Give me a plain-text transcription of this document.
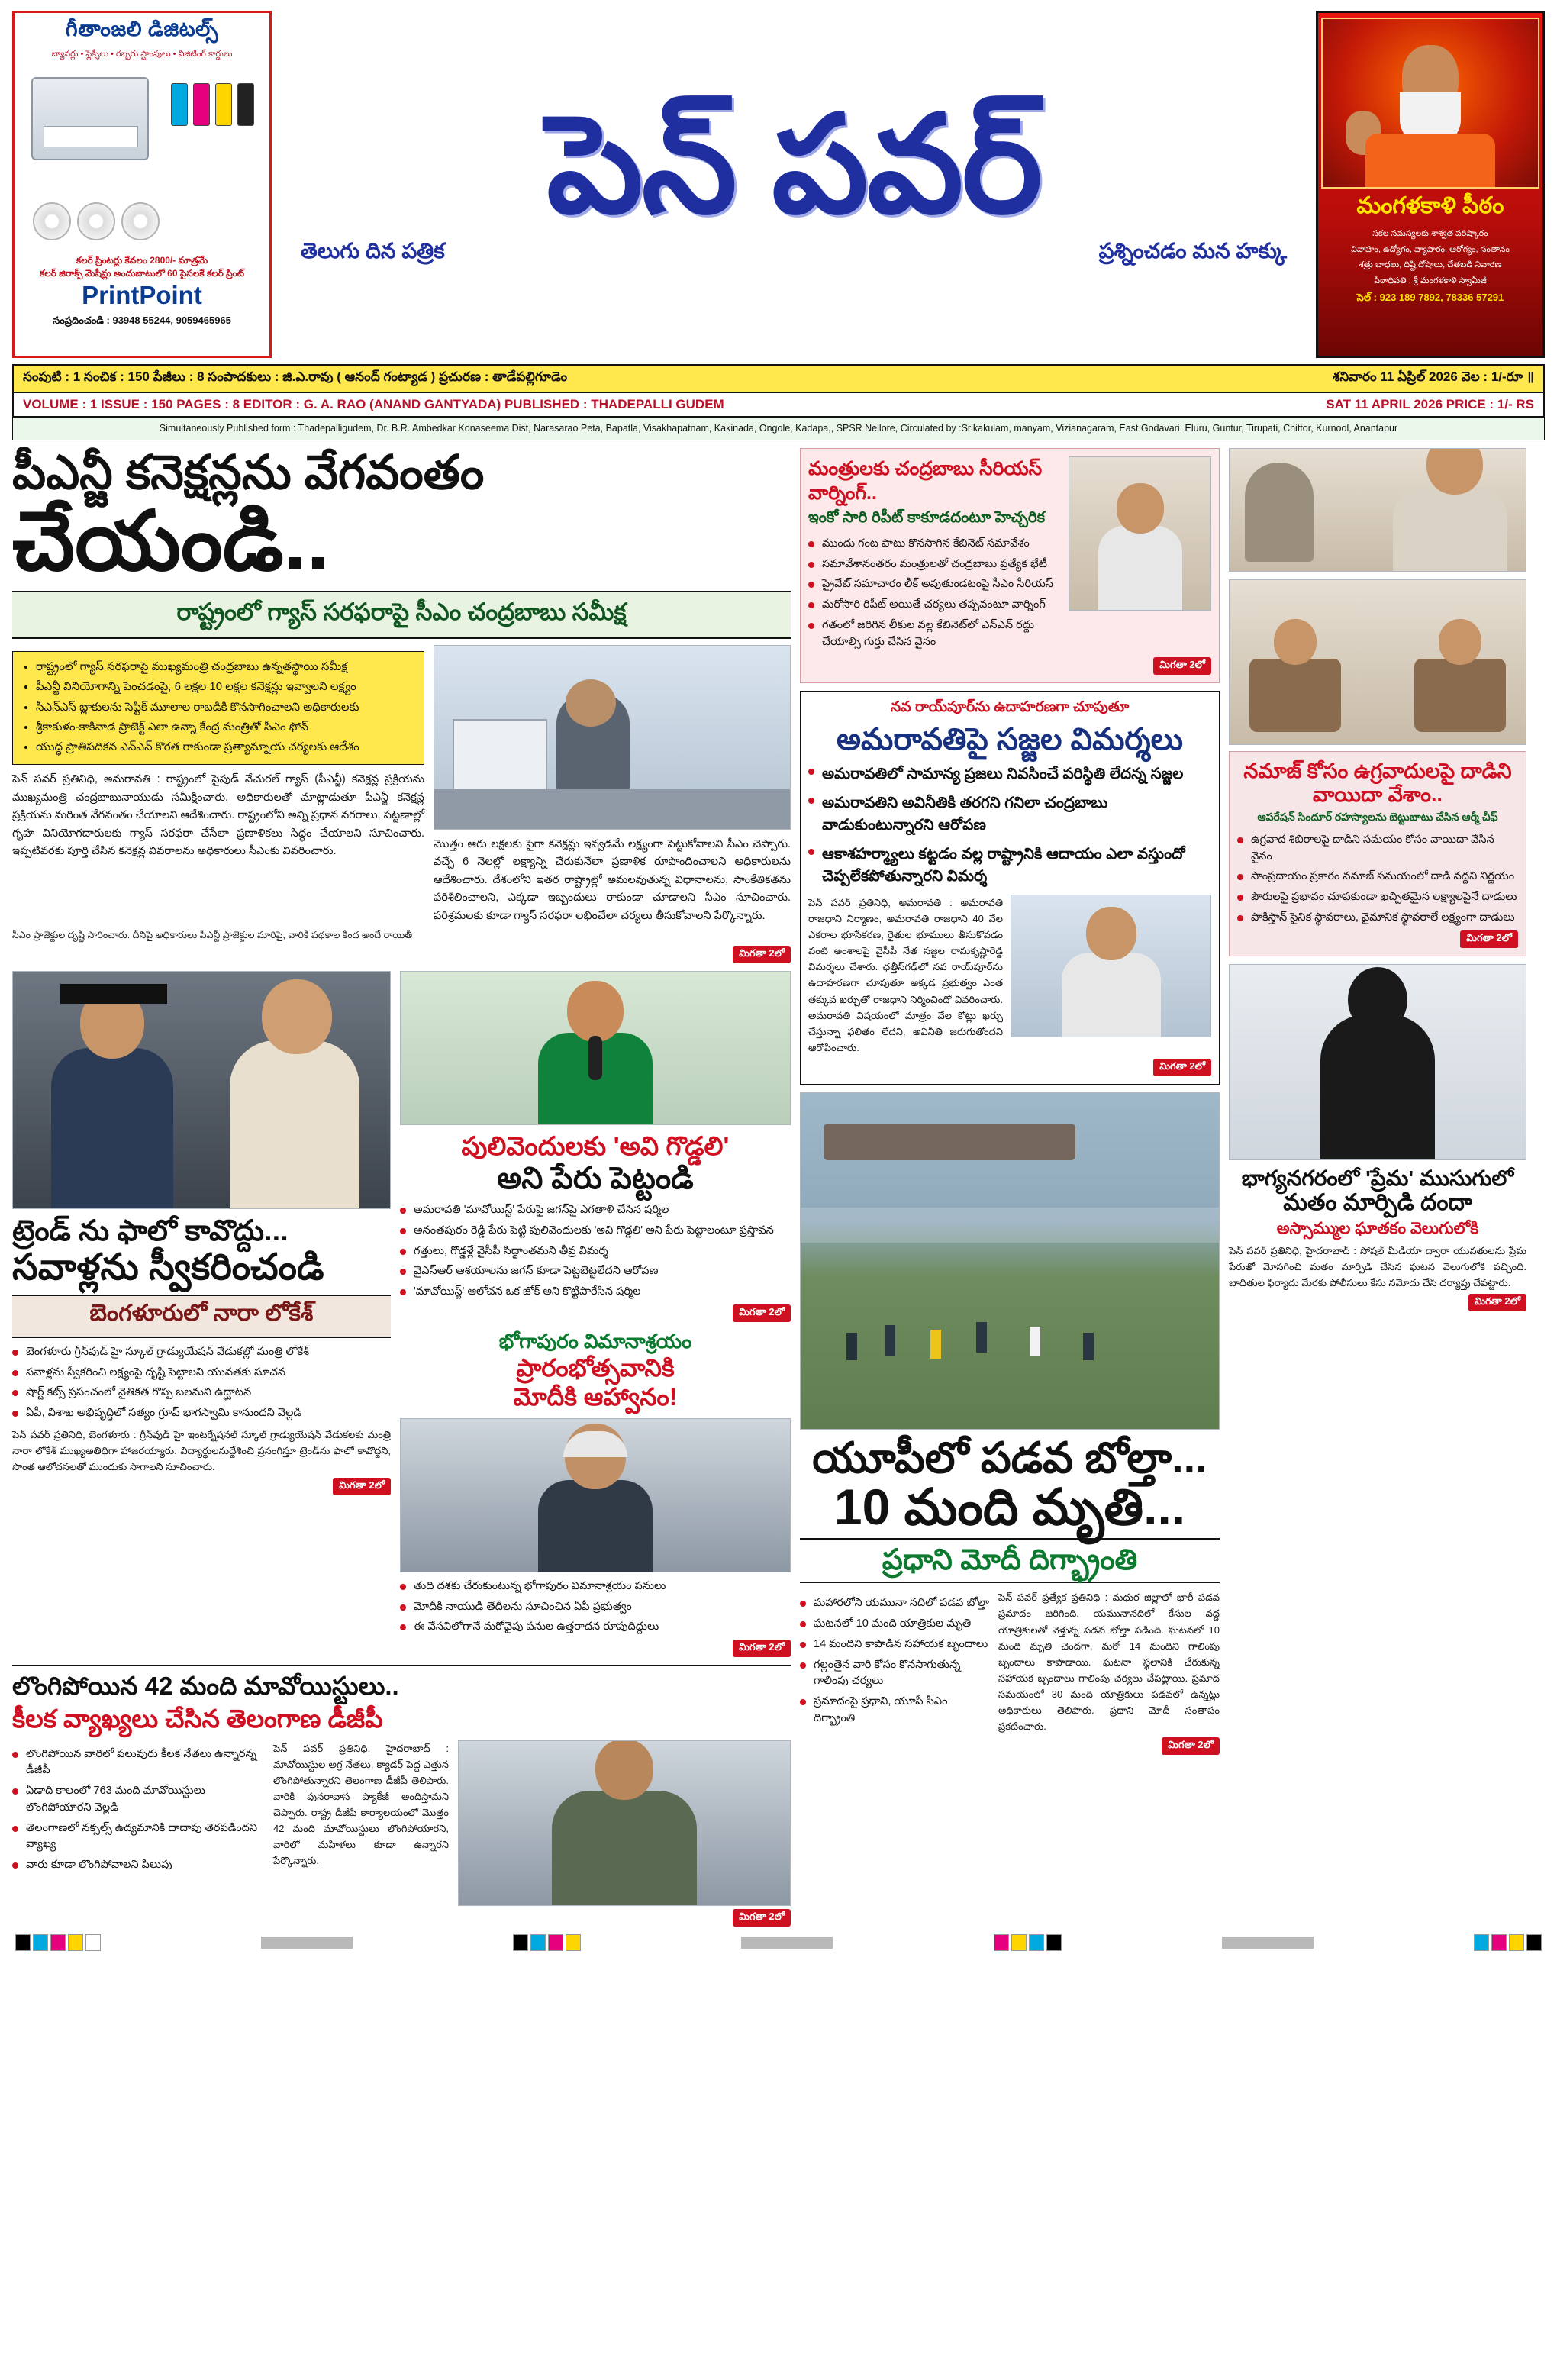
గీతాంజలి డిజిటల్స్
బ్యానర్లు • ఫ్లెక్సీలు • రబ్బరు స్టాంపులు • విజిటింగ్ కార్డులు
కలర్ ప్రింటర్లు కేవలం 2800/- మాత్రమే
కలర్ జిరాక్స్ మెషీన్లు అందుబాటులో 60 పైసలకే కలర్ ప్రింట్
PrintPoint
సంప్రదించండి : 93948 55244, 9059465965
పెన్ పవర్
తెలుగు దిన పత్రిక	ప్రశ్నించడం మన హక్కు
మంగళకాళి పీఠం
సకల సమస్యలకు శాశ్వత పరిష్కారం
వివాహం, ఉద్యోగం, వ్యాపారం, ఆరోగ్యం, సంతానం
శత్రు బాధలు, దిష్టి దోషాలు, చేతబడి నివారణ
పీఠాధిపతి : శ్రీ మంగళకాళి స్వామీజీ
సెల్ : 923 189 7892, 78336 57291
సంపుటి : 1 సంచిక : 150 పేజీలు : 8 సంపాదకులు : జి.ఎ.రావు ( ఆనంద్ గంట్యాడ ) ప్రచురణ : తాడేపల్లిగూడెం	శనివారం 11 ఏప్రిల్ 2026 వెల : 1/-రూ ॥
VOLUME : 1 ISSUE : 150 PAGES : 8 EDITOR : G. A. RAO (ANAND GANTYADA) PUBLISHED : THADEPALLI GUDEM	SAT 11 APRIL 2026 PRICE : 1/- RS
Simultaneously Published form : Thadepalligudem, Dr. B.R. Ambedkar Konaseema Dist, Narasarao Peta, Bapatla, Visakhapatnam, Kakinada, Ongole, Kadapa,, SPSR Nellore, Circulated by :Srikakulam, manyam, Vizianagaram, East Godavari, Eluru, Guntur, Tirupati, Chittor, Kurnool, Anantapur
పీఎన్జీ కనెక్షన్లను వేగవంతం
చేయండి..
రాష్ట్రంలో గ్యాస్ సరఫరాపై సీఎం చంద్రబాబు సమీక్ష
• రాష్ట్రంలో గ్యాస్ సరఫరాపై ముఖ్యమంత్రి చంద్రబాబు ఉన్నతస్థాయి సమీక్ష
• పీఎన్జీ వినియోగాన్ని పెంచడంపై, 6 లక్షల 10 లక్షల కనెక్షన్లు ఇవ్వాలని లక్ష్యం
• సీఎన్ఎస్ బ్లాకులను సెప్టిక్ మూలాల రాబడికి కొనసాగించాలని అధికారులకు
• శ్రీకాకుళం-కాకినాడ ప్రాజెక్ట్ ఎలా ఉన్నా కేంద్ర మంత్రితో సీఎం ఫోన్
• యుద్ధ ప్రాతిపదికన ఎన్ఎన్ కొరత రాకుండా ప్రత్యామ్నాయ చర్యలకు ఆదేశం
పెన్ పవర్ ప్రతినిధి, అమరావతి : రాష్ట్రంలో పైపుడ్ నేచురల్ గ్యాస్ (పీఎన్జీ) కనెక్షన్ల ప్రక్రియను ముఖ్యమంత్రి చంద్రబాబునాయుడు సమీక్షించారు. అధికారులతో మాట్లాడుతూ పీఎన్జీ కనెక్షన్ల ప్రక్రియను మరింత వేగవంతం చేయాలని ఆదేశించారు. రాష్ట్రంలోని అన్ని ప్రధాన నగరాలు, పట్టణాల్లో గృహ వినియోగదారులకు గ్యాస్ సరఫరా చేసేలా ప్రణాళికలు సిద్ధం చేయాలని సూచించారు. ఇప్పటివరకు పూర్తి చేసిన కనెక్షన్ల వివరాలను అధికారులు సీఎంకు వివరించారు.
మొత్తం ఆరు లక్షలకు పైగా కనెక్షన్లు ఇవ్వడమే లక్ష్యంగా పెట్టుకోవాలని సీఎం చెప్పారు. వచ్చే 6 నెలల్లో లక్ష్యాన్ని చేరుకునేలా ప్రణాళిక రూపొందించాలని అధికారులను ఆదేశించారు. దేశంలోని ఇతర రాష్ట్రాల్లో అమలవుతున్న విధానాలను, సాంకేతికతను పరిశీలించాలని, ఎక్కడా ఇబ్బందులు రాకుండా చూడాలని సీఎం సూచించారు. పరిశ్రమలకు కూడా గ్యాస్ సరఫరా లభించేలా చర్యలు తీసుకోవాలని పేర్కొన్నారు.
సీఎం ప్రాజెక్టుల దృష్టి సారించారు. దీనిపై అధికారులు పీఎన్జీ ప్రాజెక్టుల మారిపై, వారికి పథకాల కింద అందే రాయితీ
మిగతా 2లో
ట్రెండ్ ను ఫాలో కావొద్దు...
సవాళ్లను స్వీకరించండి
బెంగళూరులో నారా లోకేశ్
బెంగళూరు గ్రీన్‌వుడ్ హై స్కూల్ గ్రాడ్యుయేషన్ వేడుకల్లో మంత్రి లోకేశ్
సవాళ్లను స్వీకరించి లక్ష్యంపై దృష్టి పెట్టాలని యువతకు సూచన
షార్ట్ కట్స్ ప్రపంచంలో నైతికత గొప్ప బలమని ఉద్ఘాటన
ఏపీ, విశాఖ అభివృద్ధిలో సత్యం గ్రూప్ భాగస్వామి కానుందని వెల్లడి
పెన్ పవర్ ప్రతినిధి, బెంగళూరు : గ్రీన్‌వుడ్ హై ఇంటర్నేషనల్ స్కూల్ గ్రాడ్యుయేషన్ వేడుకలకు మంత్రి నారా లోకేశ్ ముఖ్యఅతిథిగా హాజరయ్యారు. విద్యార్థులనుద్దేశించి ప్రసంగిస్తూ ట్రెండ్‌ను ఫాలో కావొద్దని, సొంత ఆలోచనలతో ముందుకు సాగాలని సూచించారు.
మిగతా 2లో
పులివెందులకు 'అవి గొడ్డలి'
అని పేరు పెట్టండి
అమరావతి 'మావోయిస్ట్' పేరుపై జగన్‌పై ఎగతాళి చేసిన షర్మిల
అనంతపురం రెడ్డి పేరు పెట్టి పులివెందులకు 'అవి గొడ్డలి' అని పేరు పెట్టాలంటూ ప్రస్తావన
గత్తులు, గొడ్డళ్లే వైసీపీ సిద్ధాంతమని తీవ్ర విమర్శ
వైఎస్ఆర్ ఆశయాలను జగన్ కూడా పెట్టబెట్టలేదని ఆరోపణ
'మావోయిస్ట్' ఆలోచన ఒక జోక్ అని కొట్టిపారేసిన షర్మిల
మిగతా 2లో
భోగాపురం విమానాశ్రయం
ప్రారంభోత్సవానికి
మోదీకి ఆహ్వానం!
తుది దశకు చేరుకుంటున్న భోగాపురం విమానాశ్రయం పనులు
మోదీకి నాయుడి తేదీలను సూచించిన ఏపీ ప్రభుత్వం
ఈ వేసవిలోగానే మరోవైపు పనుల ఉత్తరాదన రూపుదిద్దులు
మిగతా 2లో
లొంగిపోయిన 42 మంది మావోయిస్టులు..
కీలక వ్యాఖ్యలు చేసిన తెలంగాణ డీజీపీ
లొంగిపోయిన వారిలో పలువురు కీలక నేతలు ఉన్నారన్న డీజీపీ
ఏడాది కాలంలో 763 మంది మావోయిస్టులు లొంగిపోయారని వెల్లడి
తెలంగాణలో నక్సల్స్ ఉద్యమానికి దాదాపు తెరపడిందని వ్యాఖ్య
వారు కూడా లొంగిపోవాలని పిలుపు
పెన్ పవర్ ప్రతినిధి, హైదరాబాద్ : మావోయిస్టుల అగ్ర నేతలు, క్యాడర్ పెద్ద ఎత్తున లొంగిపోతున్నారని తెలంగాణ డీజీపీ తెలిపారు. వారికి పునరావాస ప్యాకేజీ అందిస్తామని చెప్పారు. రాష్ట్ర డీజీపీ కార్యాలయంలో మొత్తం 42 మంది మావోయిస్టులు లొంగిపోయారని, వారిలో మహిళలు కూడా ఉన్నారని పేర్కొన్నారు.
మిగతా 2లో
మంత్రులకు చంద్రబాబు సీరియస్ వార్నింగ్..
ఇంకో సారి రిపీట్ కాకూడదంటూ హెచ్చరిక
ముందు గంట పాటు కొనసాగిన కేబినెట్ సమావేశం
సమావేశానంతరం మంత్రులతో చంద్రబాబు ప్రత్యేక భేటీ
ప్రైవేట్ సమాచారం లీక్ అవుతుండటంపై సీఎం సీరియస్
మరోసారి రిపీట్ అయితే చర్యలు తప్పవంటూ వార్నింగ్
గతంలో జరిగిన లీకుల వల్ల కేబినెట్‌లో ఎన్ఎన్ రద్దు చేయాల్సి గుర్తు చేసిన వైనం
మిగతా 2లో
నవ రాయ్‌పూర్‌ను ఉదాహరణగా చూపుతూ
అమరావతిపై సజ్జల విమర్శలు
అమరావతిలో సామాన్య ప్రజలు నివసించే పరిస్థితి లేదన్న సజ్జల
అమరావతిని అవినీతికి తరగని గనిలా చంద్రబాబు వాడుకుంటున్నారని ఆరోపణ
ఆకాశహర్మ్యాలు కట్టడం వల్ల రాష్ట్రానికి ఆదాయం ఎలా వస్తుందో చెప్పలేకపోతున్నారని విమర్శ
పెన్ పవర్ ప్రతినిధి, అమరావతి : అమరావతి రాజధాని నిర్మాణం, అమరావతి రాజధాని 40 వేల ఎకరాల భూసేకరణ, రైతుల భూములు తీసుకోవడం వంటి అంశాలపై వైసీపీ నేత సజ్జల రామకృష్ణారెడ్డి విమర్శలు చేశారు. ఛత్తీస్‌గఢ్‌లో నవ రాయ్‌పూర్‌ను ఉదాహరణగా చూపుతూ అక్కడ ప్రభుత్వం ఎంత తక్కువ ఖర్చుతో రాజధాని నిర్మించిందో వివరించారు. అమరావతి విషయంలో మాత్రం వేల కోట్లు ఖర్చు చేస్తున్నా ఫలితం లేదని, అవినీతి జరుగుతోందని ఆరోపించారు.
మిగతా 2లో
యూపీలో పడవ బోల్తా...
10 మంది మృతి...
ప్రధాని మోదీ దిగ్భ్రాంతి
మహారలోని యమునా నదిలో పడవ బోల్తా
ఘటనలో 10 మంది యాత్రికుల మృతి
14 మందిని కాపాడిన సహాయక బృందాలు
గల్లంతైన వారి కోసం కొనసాగుతున్న గాలింపు చర్యలు
ప్రమాదంపై ప్రధాని, యూపీ సీఎం దిగ్భ్రాంతి
పెన్ పవర్ ప్రత్యేక ప్రతినిధి : మధుర జిల్లాలో భారీ పడవ ప్రమాదం జరిగింది. యమునానదిలో కేసుల వద్ద యాత్రికులతో వెళ్తున్న పడవ బోల్తా పడింది. ఘటనలో 10 మంది మృతి చెందగా, మరో 14 మందిని గాలింపు బృందాలు కాపాడాయి. ఘటనా స్థలానికి చేరుకున్న సహాయక బృందాలు గాలింపు చర్యలు చేపట్టాయి. ప్రమాద సమయంలో 30 మంది యాత్రికులు పడవలో ఉన్నట్లు అధికారులు తెలిపారు. ప్రధాని మోదీ సంతాపం ప్రకటించారు.
మిగతా 2లో
నమాజ్ కోసం ఉగ్రవాదులపై దాడిని వాయిదా వేశాం..
ఆపరేషన్ సిందూర్ రహస్యాలను బెట్టుబాటు చేసిన ఆర్మీ చీఫ్
ఉగ్రవాద శిబిరాలపై దాడిని సమయం కోసం వాయిదా వేసిన వైనం
సాంప్రదాయం ప్రకారం నమాజ్ సమయంలో దాడి వద్దని నిర్ణయం
పౌరులపై ప్రభావం చూపకుండా ఖచ్చితమైన లక్ష్యాలపైనే దాడులు
పాకిస్తాన్ సైనిక స్థావరాలు, వైమానిక స్థావరాలే లక్ష్యంగా దాడులు
మిగతా 2లో
భాగ్యనగరంలో 'ప్రేమ' ముసుగులో
మతం మార్పిడి దందా
అస్సామ్ముల ఘాతకం వెలుగులోకి
పెన్ పవర్ ప్రతినిధి, హైదరాబాద్ : సోషల్ మీడియా ద్వారా యువతులను ప్రేమ పేరుతో మోసగించి మతం మార్పిడి చేసిన ఘటన వెలుగులోకి వచ్చింది. బాధితుల ఫిర్యాదు మేరకు పోలీసులు కేసు నమోదు చేసి దర్యాప్తు చేపట్టారు.
మిగతా 2లో
